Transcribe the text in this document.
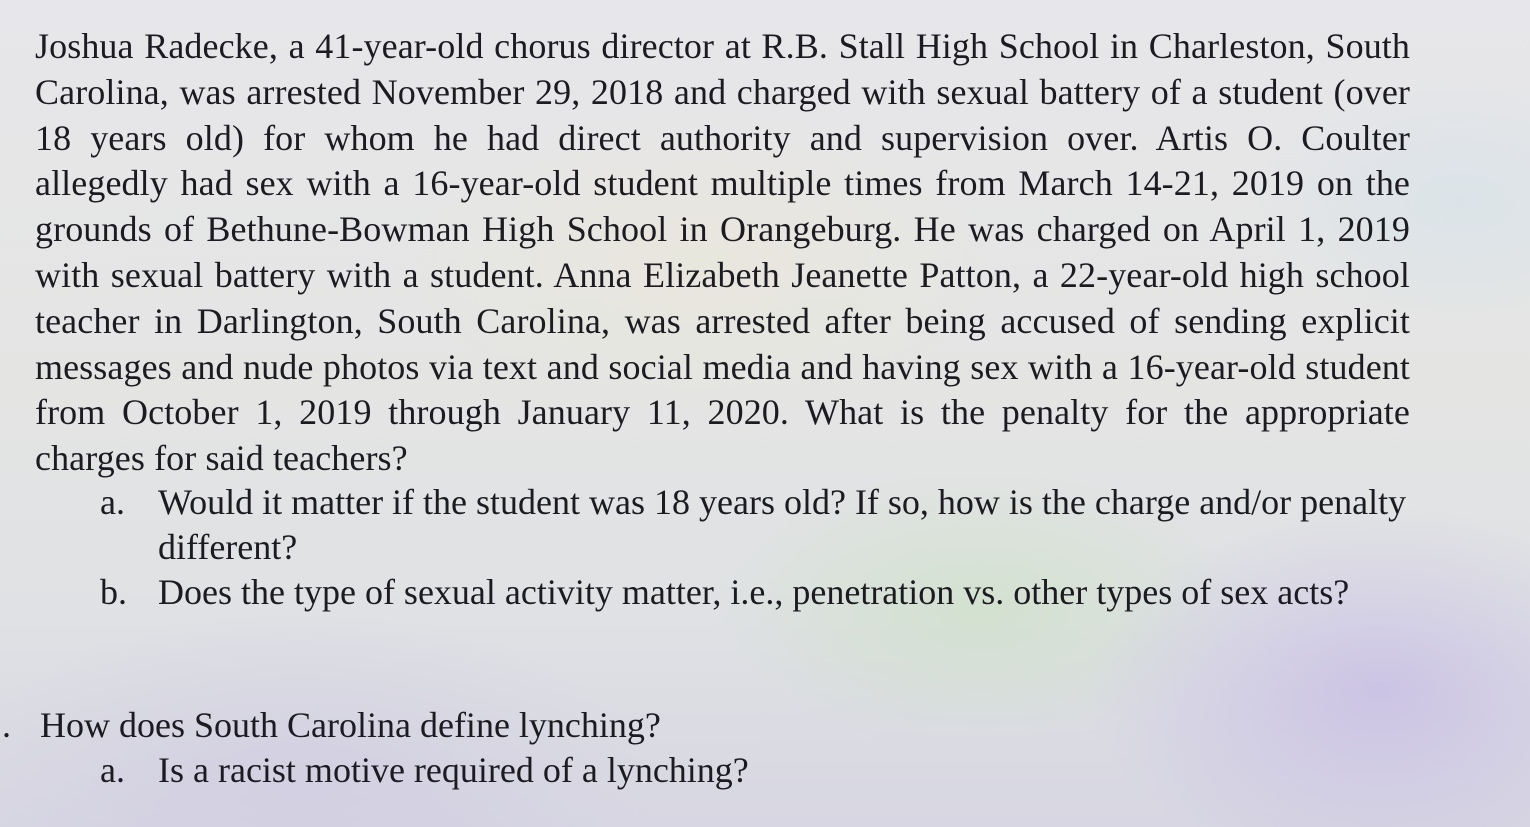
Joshua Radecke, a 41-year-old chorus director at R.B. Stall High School in Charleston, South Carolina, was arrested November 29, 2018 and charged with sexual battery of a student (over 18 years old) for whom he had direct authority and supervision over. Artis O. Coulter allegedly had sex with a 16-year-old student multiple times from March 14-21, 2019 on the grounds of Bethune-Bowman High School in Orangeburg. He was charged on April 1, 2019 with sexual battery with a student. Anna Elizabeth Jeanette Patton, a 22-year-old high school teacher in Darlington, South Carolina, was arrested after being accused of sending explicit messages and nude photos via text and social media and having sex with a 16-year-old student from October 1, 2019 through January 11, 2020. What is the penalty for the appropriate charges for said teachers?

a. Would it matter if the student was 18 years old? If so, how is the charge and/or penalty different?
b. Does the type of sexual activity matter, i.e., penetration vs. other types of sex acts?
. How does South Carolina define lynching?
a. Is a racist motive required of a lynching?
